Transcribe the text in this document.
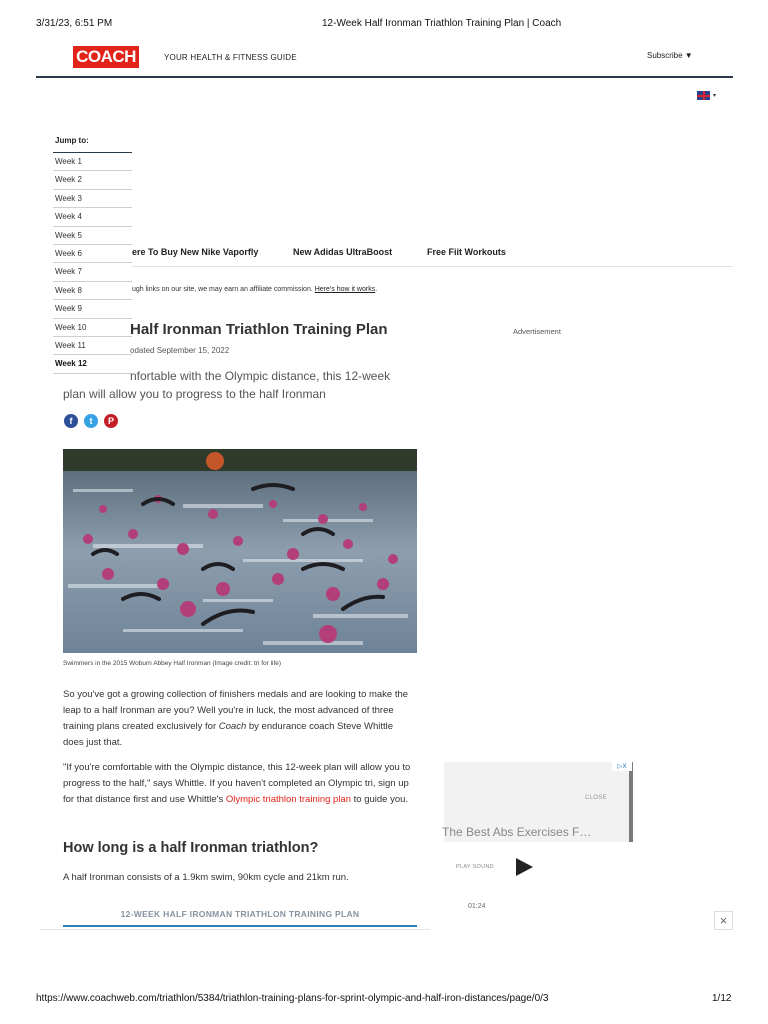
3/31/23, 6:51 PM	12-Week Half Ironman Triathlon Training Plan | Coach
COACH	YOUR HEALTH & FITNESS GUIDE	Subscribe ▼
▾
ere To Buy New Nike Vaporfly	New Adidas UltraBoost	Free Fiit Workouts
Jump to:
Week 1
Week 2
Week 3
Week 4
Week 5
Week 6
Week 7
Week 8
Week 9
Week 10
Week 11
Week 12
ugh links on our site, we may earn an affiliate commission. Here's how it works.
Half Ironman Triathlon Training Plan
odated September 15, 2022
Advertisement
nfortable with the Olympic distance, this 12-week
plan will allow you to progress to the half Ironman
f	t	P
Swimmers in the 2015 Woburn Abbey Half Ironman (Image credit: tri for life)
So you've got a growing collection of finishers medals and are looking to make the leap to a half Ironman are you? Well you're in luck, the most advanced of three training plans created exclusively for Coach by endurance coach Steve Whittle does just that.
"If you're comfortable with the Olympic distance, this 12-week plan will allow you to progress to the half," says Whittle. If you haven't completed an Olympic tri, sign up for that distance first and use Whittle's Olympic triathlon training plan to guide you.
How long is a half Ironman triathlon?
A half Ironman consists of a 1.9km swim, 90km cycle and 21km run.
12-WEEK HALF IRONMAN TRIATHLON TRAINING PLAN
▷X
CLOSE
The Best Abs Exercises F…
PLAY SOUND
01:24
×
https://www.coachweb.com/triathlon/5384/triathlon-training-plans-for-sprint-olympic-and-half-iron-distances/page/0/3	1/12
